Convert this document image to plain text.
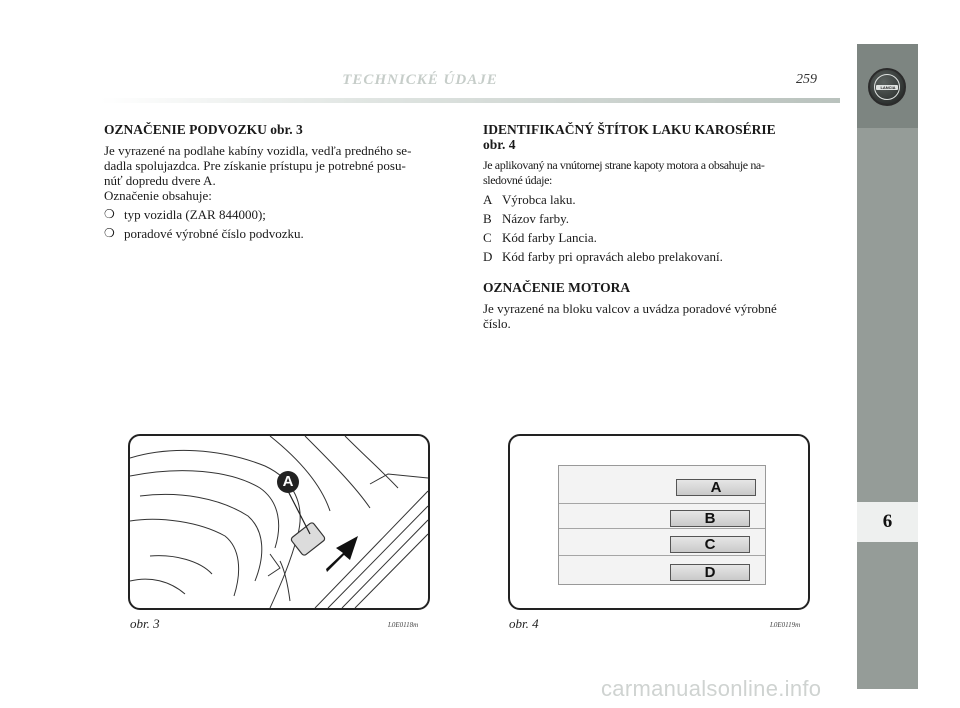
TECHNICKÉ ÚDAJE	259
LANCIA
6
OZNAČENIE PODVOZKU obr. 3

Je vyrazené na podlahe kabíny vozidla, vedľa predného se-
dadla spolujazdca. Pre získanie prístupu je potrebné posu-
núť dopredu dvere A.
Označenie obsahuje:

❍ typ vozidla (ZAR 844000);
❍ poradové výrobné číslo podvozku.
IDENTIFIKAČNÝ ŠTÍTOK LAKU KAROSÉRIE
obr. 4

Je aplikovaný na vnútornej strane kapoty motora a obsahuje na-
sledovné údaje:

A Výrobca laku.
B Názov farby.
C Kód farby Lancia.
D Kód farby pri opravách alebo prelakovaní.
OZNAČENIE MOTORA

Je vyrazené na bloku valcov a uvádza poradové výrobné
číslo.

A
obr. 3	L0E0118m
A
B
C
D
obr. 4	L0E0119m
carmanualsonline.info
